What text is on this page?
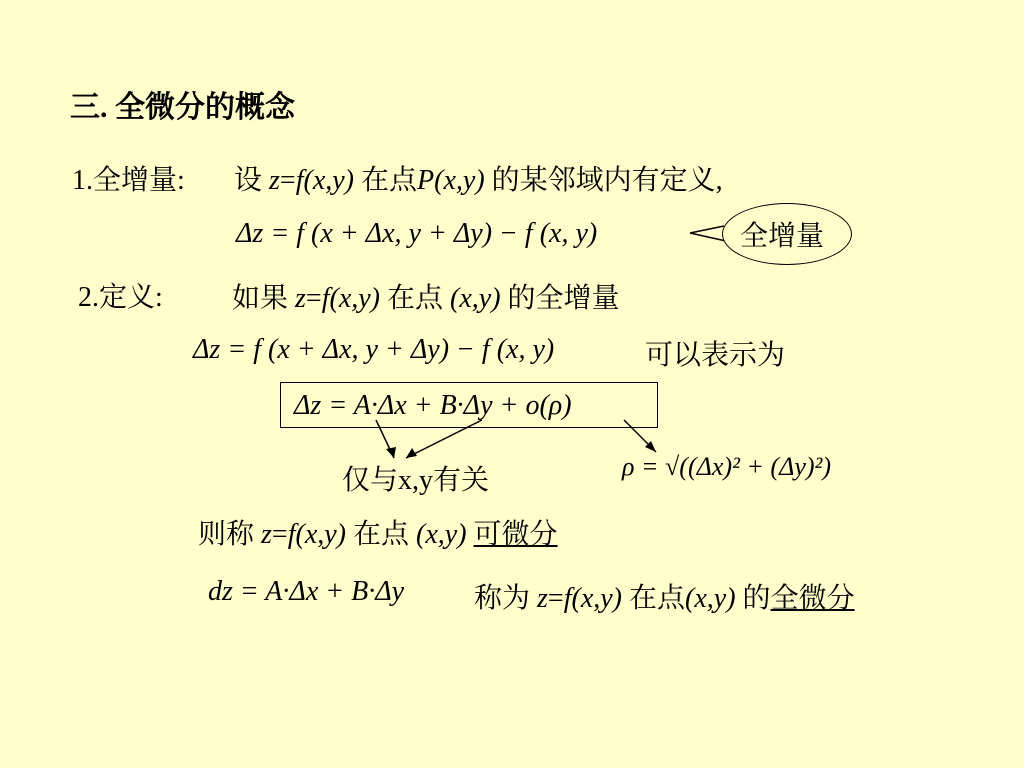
三. 全微分的概念
1.全增量: 设 z=f(x,y) 在点P(x,y) 的某邻域内有定义,
Δz = f (x + Δx, y + Δy) − f (x, y)	全增量
2.定义: 如果 z=f(x,y) 在点 (x,y) 的全增量
Δz = f (x + Δx, y + Δy) − f (x, y)	可以表示为
Δz = A·Δx + B·Δy + o(ρ)
仅与x,y有关	ρ = √((Δx)² + (Δy)²)
则称 z=f(x,y) 在点 (x,y) 可微分
dz = A·Δx + B·Δy 称为 z=f(x,y) 在点(x,y) 的全微分
